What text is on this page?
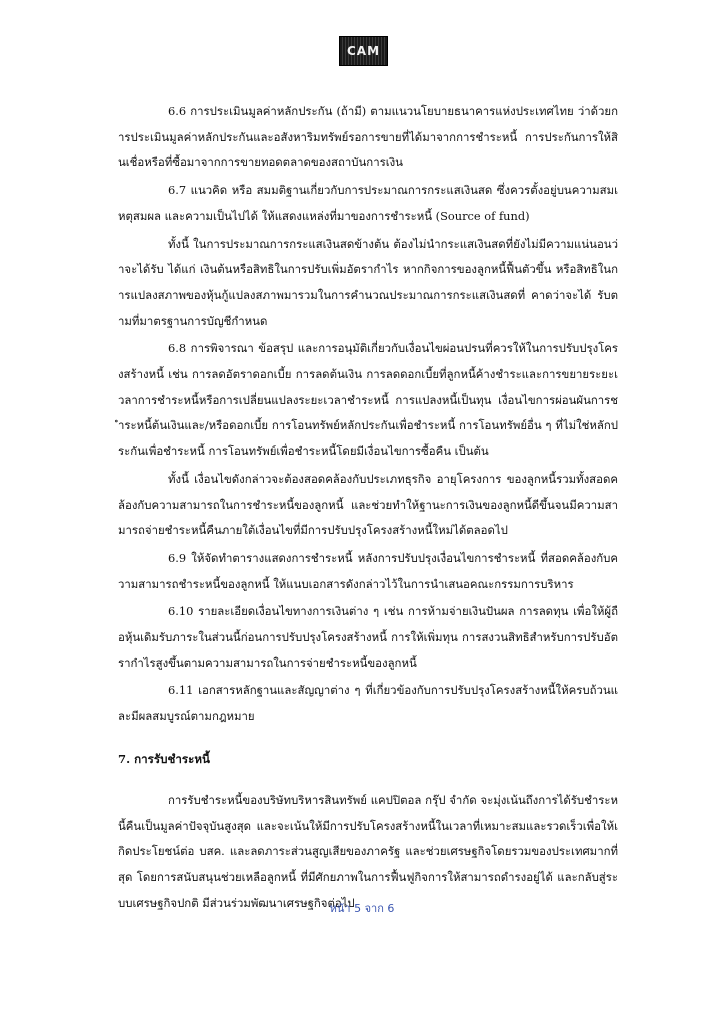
CAM

6.6 การประเมินมูลค่าหลักประกัน (ถ้ามี) ตามแนวนโยบายธนาคารแห่งประเทศไทย ว่าด้วยการประเมินมูลค่าหลักประกันและอสังหาริมทรัพย์รอการขายที่ได้มาจากการชำระหนี้ การประกันการให้สินเชื่อหรือที่ซื้อมาจากการขายทอดตลาดของสถาบันการเงิน

6.7 แนวคิด หรือ สมมติฐานเกี่ยวกับการประมาณการกระแสเงินสด ซึ่งควรตั้งอยู่บนความสมเหตุสมผล และความเป็นไปได้ ให้แสดงแหล่งที่มาของการชำระหนี้ (Source of fund)

ทั้งนี้ ในการประมาณการกระแสเงินสดข้างต้น ต้องไม่นำกระแสเงินสดที่ยังไม่มีความแน่นอนว่าจะได้รับ ได้แก่ เงินต้นหรือสิทธิในการปรับเพิ่มอัตรากำไร หากกิจการของลูกหนี้ฟื้นตัวขึ้น หรือสิทธิในการแปลงสภาพของหุ้นกู้แปลงสภาพมารวมในการคำนวณประมาณการกระแสเงินสดที่ คาดว่าจะได้ รับตามที่มาตรฐานการบัญชีกำหนด

6.8 การพิจารณา ข้อสรุป และการอนุมัติเกี่ยวกับเงื่อนไขผ่อนปรนที่ควรให้ในการปรับปรุงโครงสร้างหนี้ เช่น การลดอัตราดอกเบี้ย การลดต้นเงิน การลดดอกเบี้ยที่ลูกหนี้ค้างชำระและการขยายระยะเวลาการชำระหนี้หรือการเปลี่ยนแปลงระยะเวลาชำระหนี้ การแปลงหนี้เป็นทุน เงื่อนไขการผ่อนผันการชำระหนี้ต้นเงินและ/หรือดอกเบี้ย การโอนทรัพย์หลักประกันเพื่อชำระหนี้ การโอนทรัพย์อื่น ๆ ที่ไม่ใช่หลักประกันเพื่อชำระหนี้ การโอนทรัพย์เพื่อชำระหนี้โดยมีเงื่อนไขการซื้อคืน เป็นต้น

ทั้งนี้ เงื่อนไขดังกล่าวจะต้องสอดคล้องกับประเภทธุรกิจ อายุโครงการ ของลูกหนี้รวมทั้งสอดคล้องกับความสามารถในการชำระหนี้ของลูกหนี้ และช่วยทำให้ฐานะการเงินของลูกหนี้ดีขึ้นจนมีความสามารถจ่ายชำระหนี้คืนภายใต้เงื่อนไขที่มีการปรับปรุงโครงสร้างหนี้ใหม่ได้ตลอดไป

6.9 ให้จัดทำตารางแสดงการชำระหนี้ หลังการปรับปรุงเงื่อนไขการชำระหนี้ ที่สอดคล้องกับความสามารถชำระหนี้ของลูกหนี้ ให้แนบเอกสารดังกล่าวไว้ในการนำเสนอคณะกรรมการบริหาร

6.10 รายละเอียดเงื่อนไขทางการเงินต่าง ๆ เช่น การห้ามจ่ายเงินปันผล การลดทุน เพื่อให้ผู้ถือหุ้นเดิมรับภาระในส่วนนี้ก่อนการปรับปรุงโครงสร้างหนี้ การให้เพิ่มทุน การสงวนสิทธิสำหรับการปรับอัตรากำไรสูงขึ้นตามความสามารถในการจ่ายชำระหนี้ของลูกหนี้

6.11 เอกสารหลักฐานและสัญญาต่าง ๆ ที่เกี่ยวข้องกับการปรับปรุงโครงสร้างหนี้ให้ครบถ้วนและมีผลสมบูรณ์ตามกฎหมาย

7. การรับชำระหนี้

การรับชำระหนี้ของบริษัทบริหารสินทรัพย์ แคปปิตอล กรุ๊ป จำกัด จะมุ่งเน้นถึงการได้รับชำระหนี้คืนเป็นมูลค่าปัจจุบันสูงสุด และจะเน้นให้มีการปรับโครงสร้างหนี้ในเวลาที่เหมาะสมและรวดเร็วเพื่อให้เกิดประโยชน์ต่อ บสค. และลดภาระส่วนสูญเสียของภาครัฐ และช่วยเศรษฐกิจโดยรวมของประเทศมากที่สุด โดยการสนับสนุนช่วยเหลือลูกหนี้ ที่มีศักยภาพในการฟื้นฟูกิจการให้สามารถดำรงอยู่ได้ และกลับสู่ระบบเศรษฐกิจปกติ มีส่วนร่วมพัฒนาเศรษฐกิจต่อไป

หน้า 5 จาก 6
